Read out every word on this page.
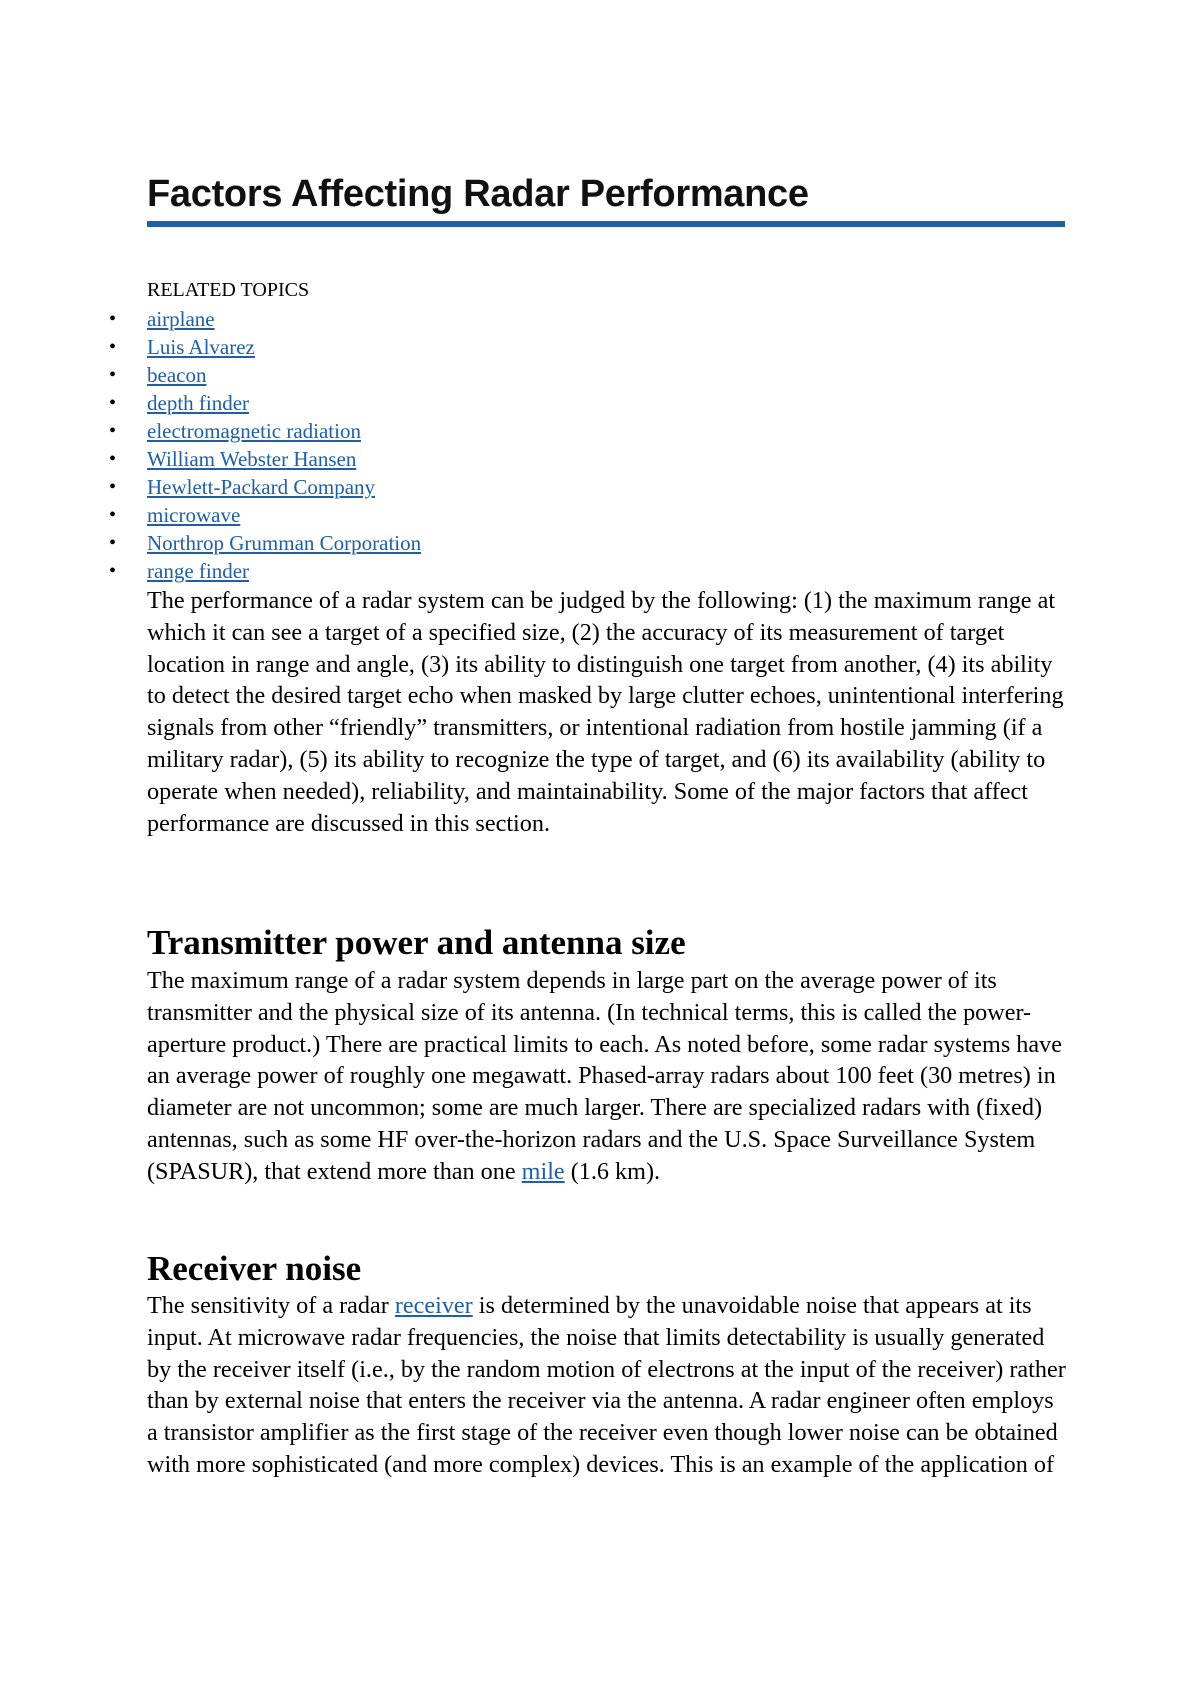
Factors Affecting Radar Performance
RELATED TOPICS
• airplane
• Luis Alvarez
• beacon
• depth finder
• electromagnetic radiation
• William Webster Hansen
• Hewlett-Packard Company
• microwave
• Northrop Grumman Corporation
• range finder

The performance of a radar system can be judged by the following: (1) the maximum range at which it can see a target of a specified size, (2) the accuracy of its measurement of target location in range and angle, (3) its ability to distinguish one target from another, (4) its ability to detect the desired target echo when masked by large clutter echoes, unintentional interfering signals from other “friendly” transmitters, or intentional radiation from hostile jamming (if a military radar), (5) its ability to recognize the type of target, and (6) its availability (ability to operate when needed), reliability, and maintainability. Some of the major factors that affect performance are discussed in this section.

Transmitter power and antenna size

The maximum range of a radar system depends in large part on the average power of its transmitter and the physical size of its antenna. (In technical terms, this is called the power-aperture product.) There are practical limits to each. As noted before, some radar systems have an average power of roughly one megawatt. Phased-array radars about 100 feet (30 metres) in diameter are not uncommon; some are much larger. There are specialized radars with (fixed) antennas, such as some HF over-the-horizon radars and the U.S. Space Surveillance System (SPASUR), that extend more than one mile (1.6 km).

Receiver noise

The sensitivity of a radar receiver is determined by the unavoidable noise that appears at its input. At microwave radar frequencies, the noise that limits detectability is usually generated by the receiver itself (i.e., by the random motion of electrons at the input of the receiver) rather than by external noise that enters the receiver via the antenna. A radar engineer often employs a transistor amplifier as the first stage of the receiver even though lower noise can be obtained with more sophisticated (and more complex) devices. This is an example of the application of
